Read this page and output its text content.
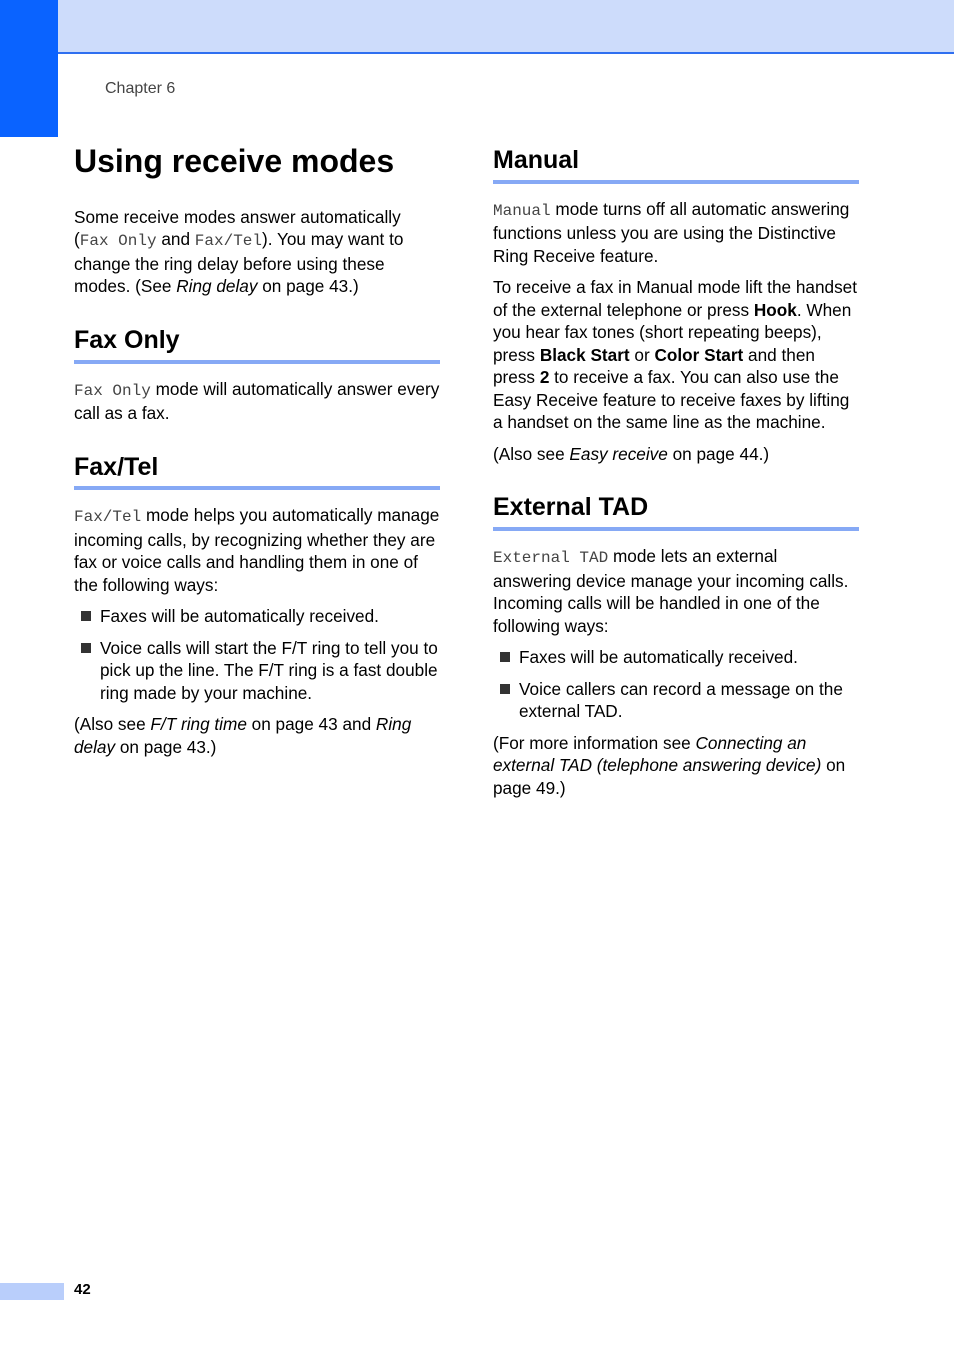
Chapter 6
Using receive modes

Some receive modes answer automatically (Fax Only and Fax/Tel). You may want to change the ring delay before using these modes. (See Ring delay on page 43.)

Fax Only

Fax Only mode will automatically answer every call as a fax.

Fax/Tel

Fax/Tel mode helps you automatically manage incoming calls, by recognizing whether they are fax or voice calls and handling them in one of the following ways:

Faxes will be automatically received.
Voice calls will start the F/T ring to tell you to pick up the line. The F/T ring is a fast double ring made by your machine.

(Also see F/T ring time on page 43 and Ring delay on page 43.)

Manual

Manual mode turns off all automatic answering functions unless you are using the Distinctive Ring Receive feature.

To receive a fax in Manual mode lift the handset of the external telephone or press Hook. When you hear fax tones (short repeating beeps), press Black Start or Color Start and then press 2 to receive a fax. You can also use the Easy Receive feature to receive faxes by lifting a handset on the same line as the machine.

(Also see Easy receive on page 44.)

External TAD

External TAD mode lets an external answering device manage your incoming calls. Incoming calls will be handled in one of the following ways:

Faxes will be automatically received.
Voice callers can record a message on the external TAD.

(For more information see Connecting an external TAD (telephone answering device) on page 49.)

42
